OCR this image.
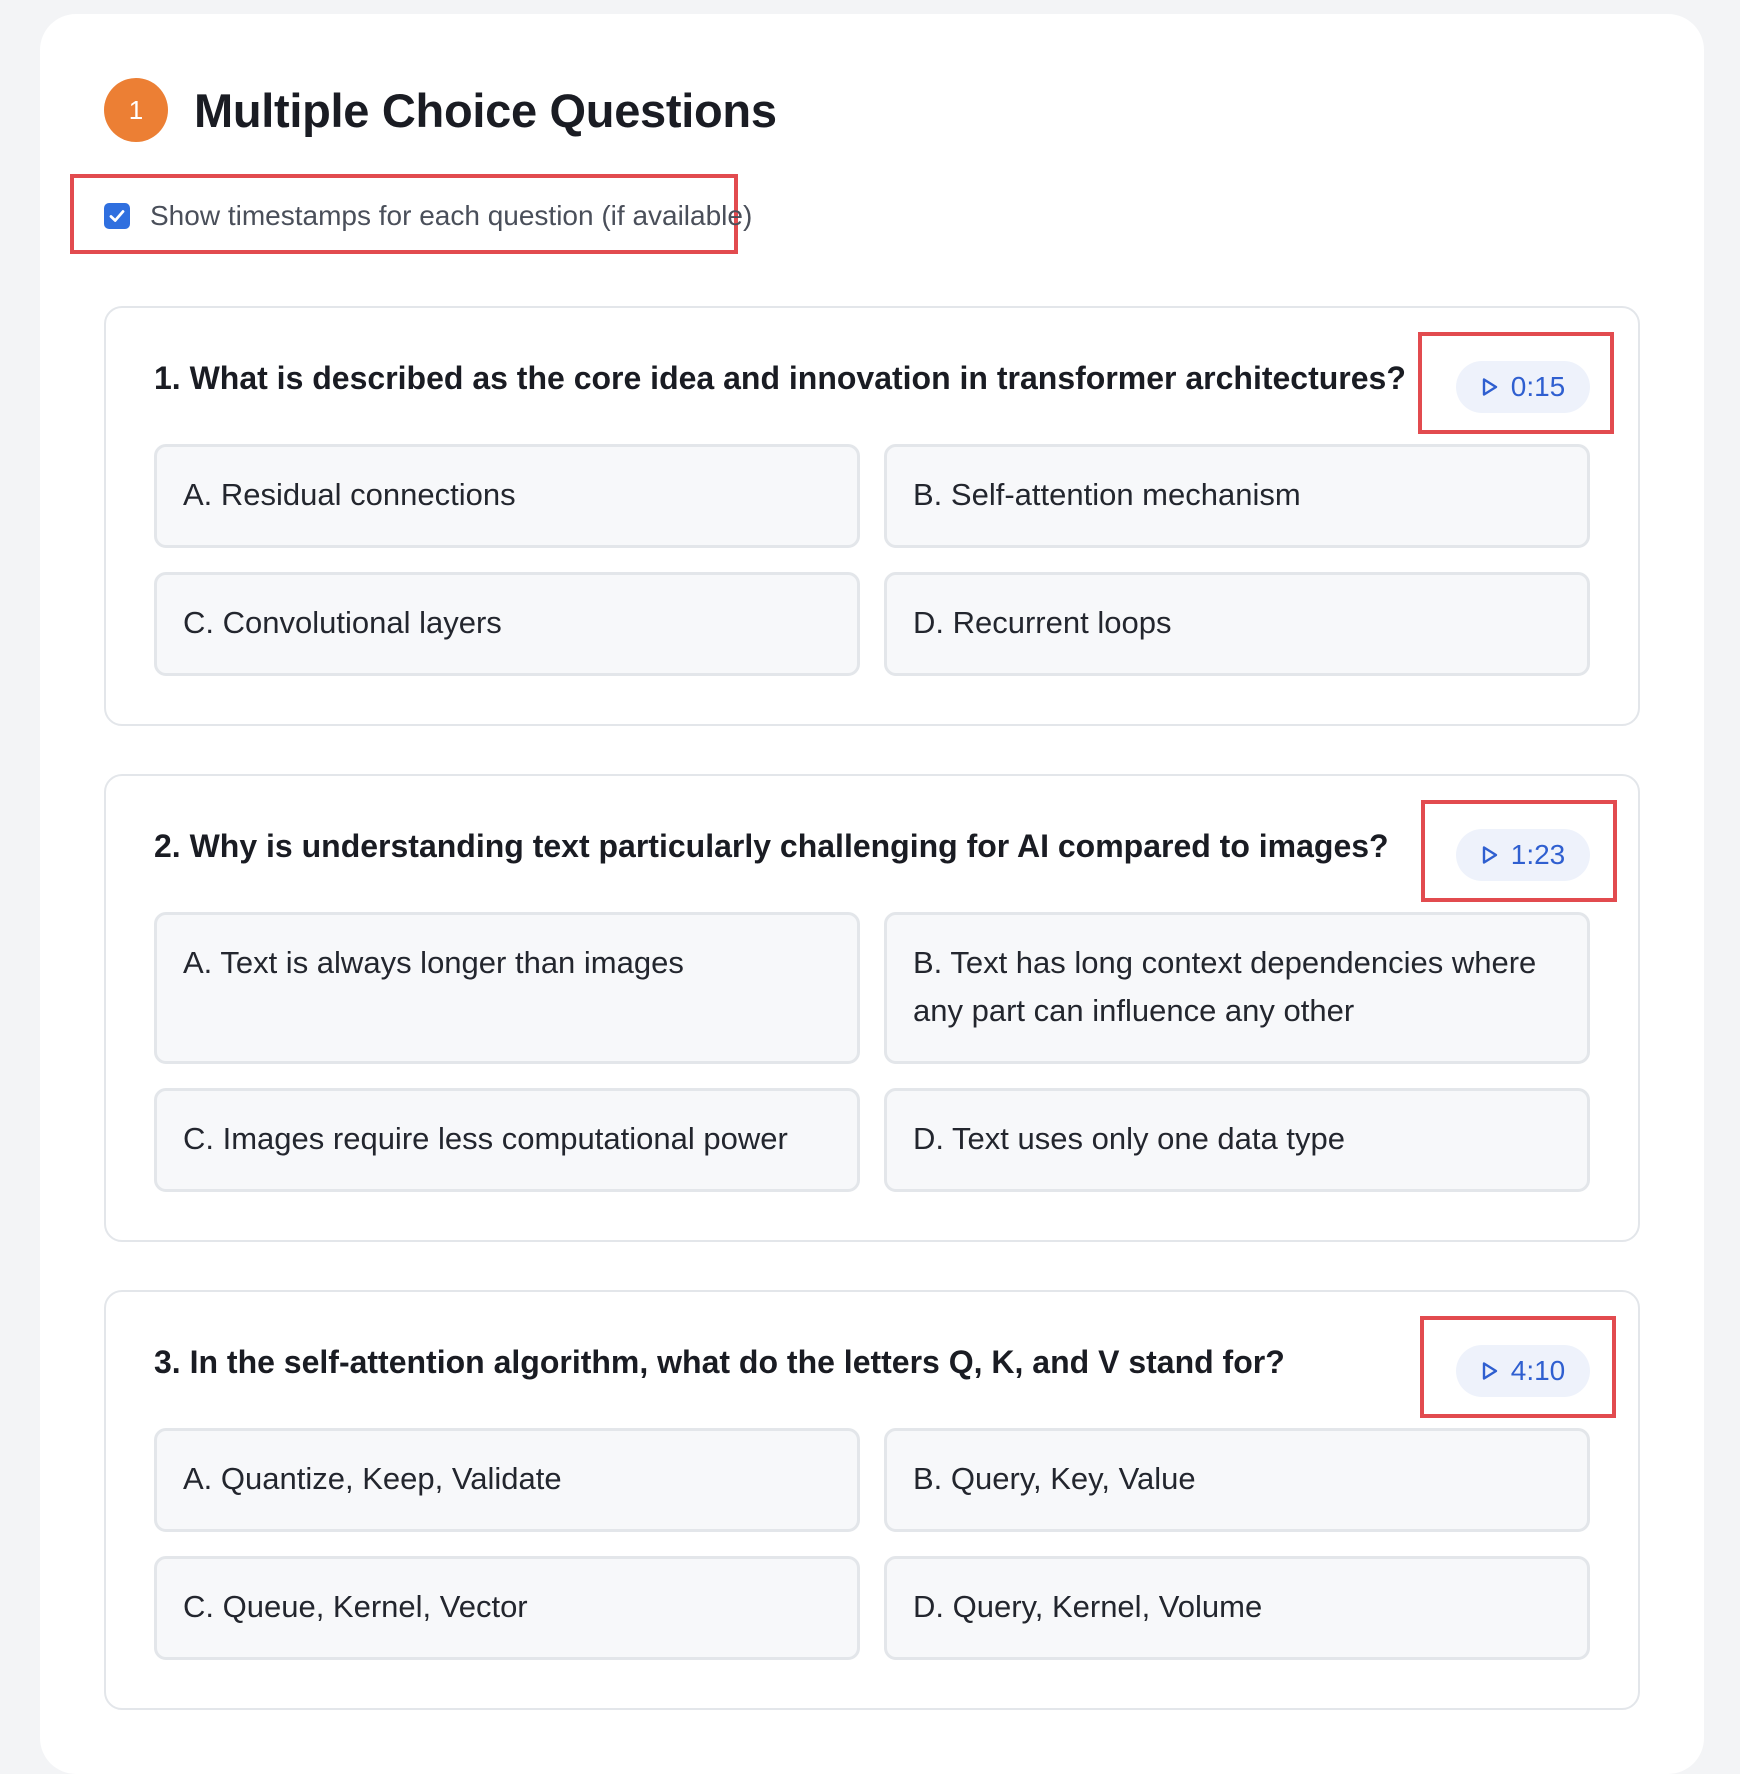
1	Multiple Choice Questions
Show timestamps for each question (if available)
1. What is described as the core idea and innovation in transformer architectures?	0:15
A. Residual connections	B. Self-attention mechanism
C. Convolutional layers	D. Recurrent loops
2. Why is understanding text particularly challenging for AI compared to images?	1:23
A. Text is always longer than images	B. Text has long context dependencies where any part can influence any other
C. Images require less computational power	D. Text uses only one data type
3. In the self-attention algorithm, what do the letters Q, K, and V stand for?	4:10
A. Quantize, Keep, Validate	B. Query, Key, Value
C. Queue, Kernel, Vector	D. Query, Kernel, Volume
